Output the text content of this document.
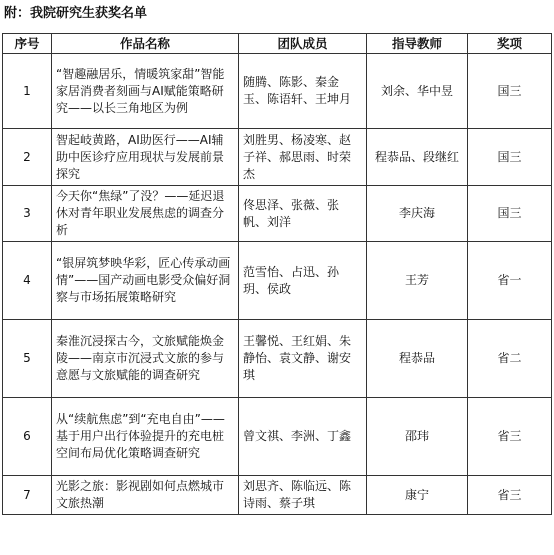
附：我院研究生获奖名单
序号	作品名称	团队成员	指导教师	奖项
1	“智趣融居乐，情暖筑家甜”智能家居消费者刻画与AI赋能策略研究——以长三角地区为例	随腾、陈影、秦金玉、陈语轩、王坤月	刘余、华中昱	国三
2	智起岐黄路，AI助医行——AI辅助中医诊疗应用现状与发展前景探究	刘胜男、杨凌寒、赵子祥、郝思雨、时荣杰	程恭品、段继红	国三
3	今天你“焦绿”了没？——延迟退休对青年职业发展焦虑的调查分析	佟思泽、张薇、张帆、刘洋	李庆海	国三
4	“银屏筑梦映华彩，匠心传承动画情”——国产动画电影受众偏好洞察与市场拓展策略研究	范雪怡、占迅、孙玥、侯政	王芳	省一
5	秦淮沉浸探古今，文旅赋能焕金陵——南京市沉浸式文旅的参与意愿与文旅赋能的调查研究	王馨悦、王红娟、朱静怡、袁文静、谢安琪	程恭品	省二
6	从“续航焦虑”到“充电自由”——基于用户出行体验提升的充电桩空间布局优化策略调查研究	曾文祺、李洲、丁鑫	邵玮	省三
7	光影之旅：影视剧如何点燃城市文旅热潮	刘思齐、陈临远、陈诗雨、蔡子琪	康宁	省三
